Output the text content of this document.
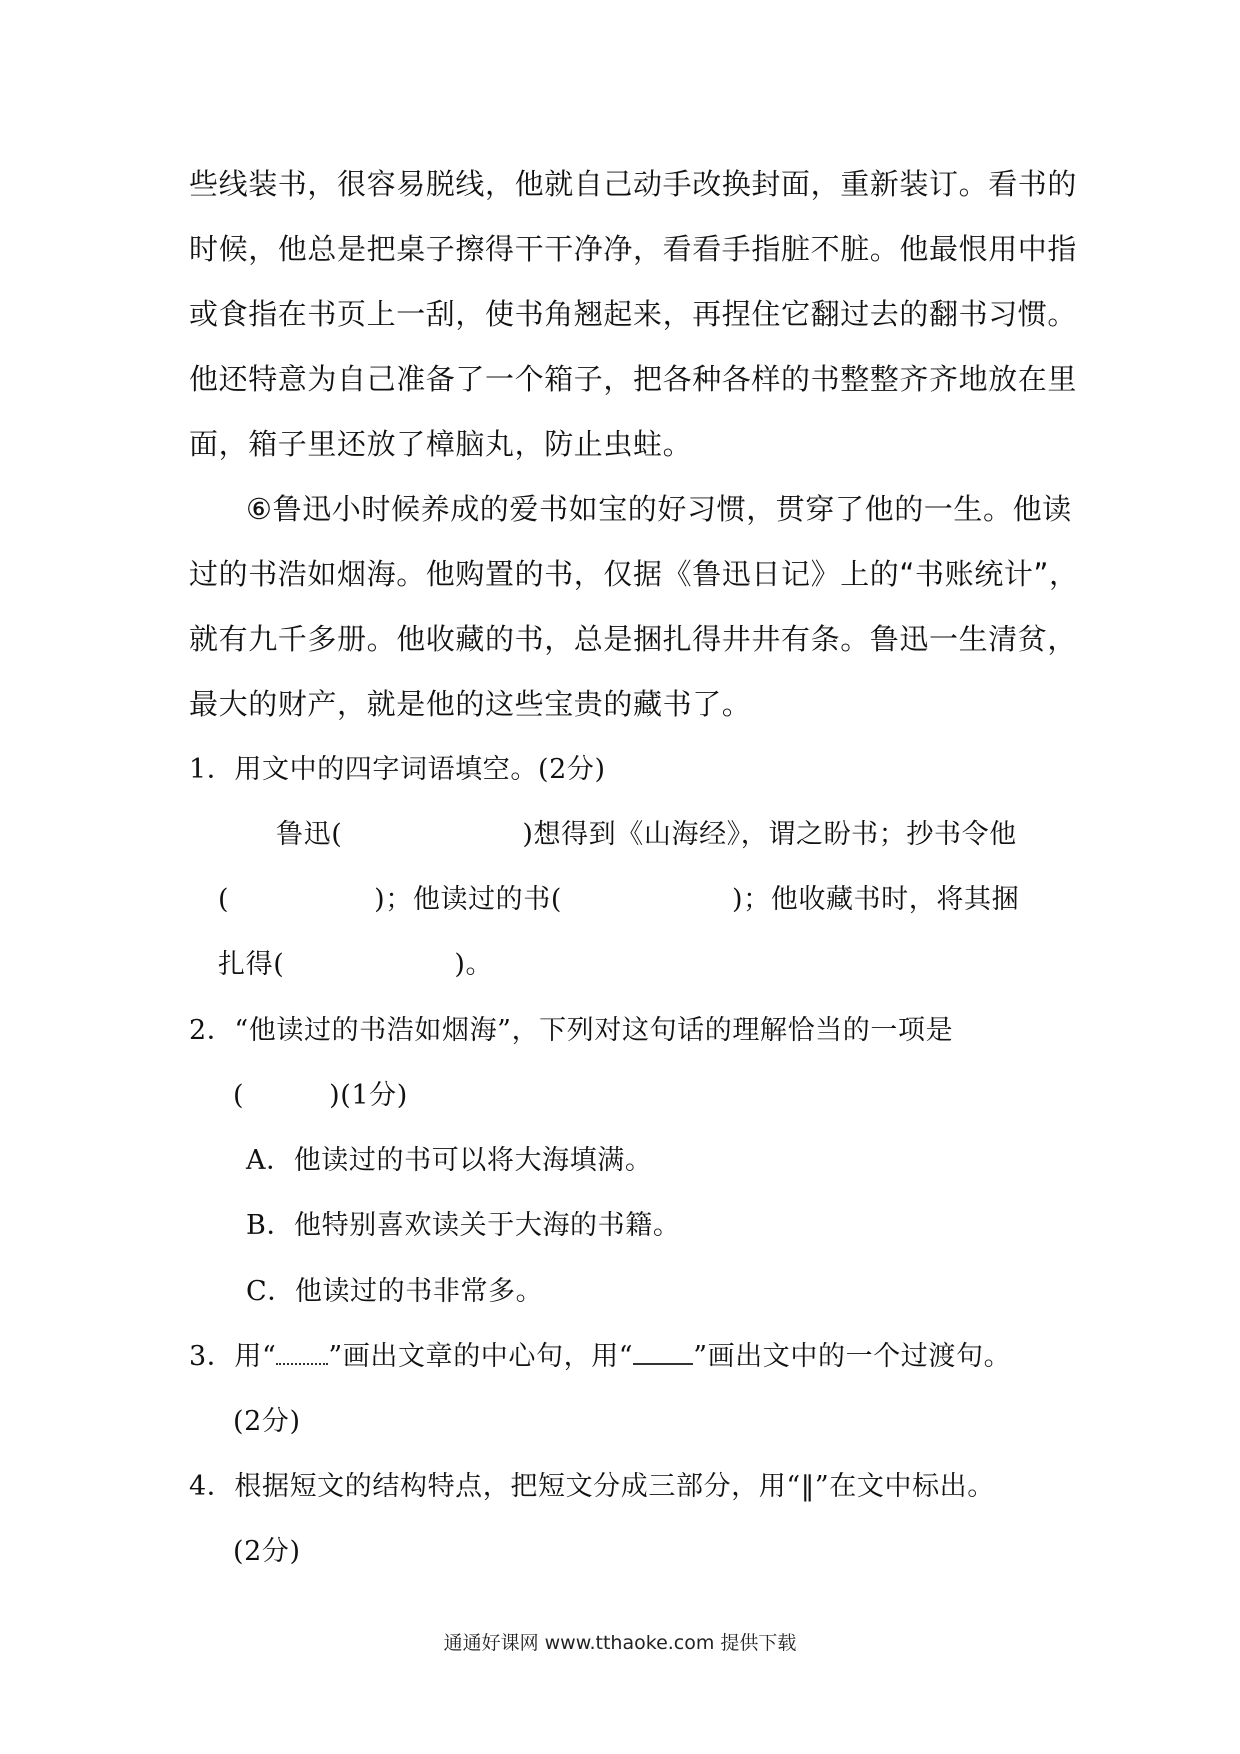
些线装书，很容易脱线，他就自己动手改换封面，重新装订。看书的
时候，他总是把桌子擦得干干净净，看看手指脏不脏。他最恨用中指
或食指在书页上一刮，使书角翘起来，再捏住它翻过去的翻书习惯。
他还特意为自己准备了一个箱子，把各种各样的书整整齐齐地放在里
面，箱子里还放了樟脑丸，防止虫蛀。
⑥鲁迅小时候养成的爱书如宝的好习惯，贯穿了他的一生。他读
过的书浩如烟海。他购置的书，仅据《鲁迅日记》上的“书账统计”，
就有九千多册。他收藏的书，总是捆扎得井井有条。鲁迅一生清贫，
最大的财产，就是他的这些宝贵的藏书了。
1．用文中的四字词语填空。(2分)
鲁迅(	)想得到《山海经》，谓之盼书；抄书令他
(	)；他读过的书(	)；他收藏书时，将其捆
扎得(	)。
2．“他读过的书浩如烟海”，下列对这句话的理解恰当的一项是
(	)(1分)
A．他读过的书可以将大海填满。
B．他特别喜欢读关于大海的书籍。
C．他读过的书非常多。
3．用“ ”画出文章的中心句，用“ ”画出文中的一个过渡句。
(2分)
4．根据短文的结构特点，把短文分成三部分，用“‖”在文中标出。
(2分)
通通好课网 www.tthaoke.com 提供下载
